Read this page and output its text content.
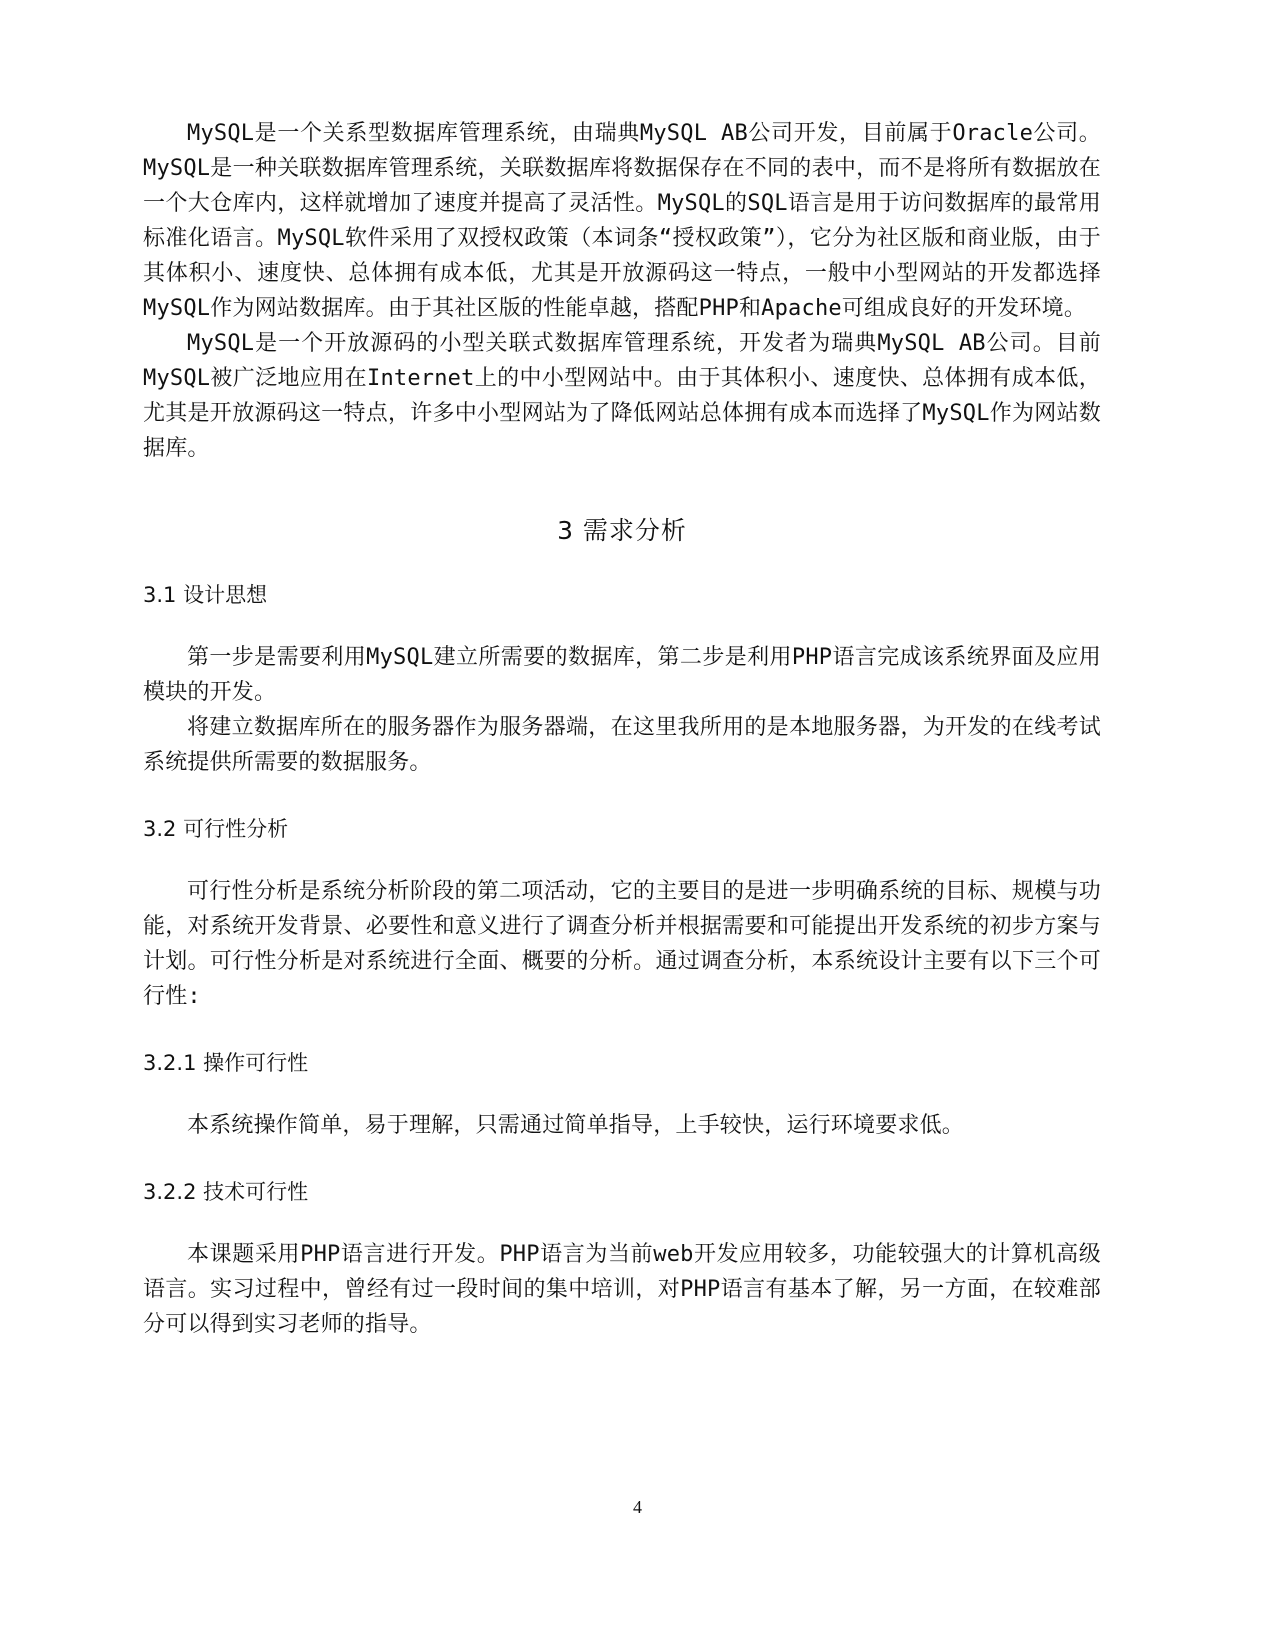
MySQL是一个关系型数据库管理系统，由瑞典MySQL AB公司开发，目前属于Oracle公司。MySQL是一种关联数据库管理系统，关联数据库将数据保存在不同的表中，而不是将所有数据放在一个大仓库内，这样就增加了速度并提高了灵活性。MySQL的SQL语言是用于访问数据库的最常用标准化语言。MySQL软件采用了双授权政策（本词条“授权政策”），它分为社区版和商业版，由于其体积小、速度快、总体拥有成本低，尤其是开放源码这一特点，一般中小型网站的开发都选择MySQL作为网站数据库。由于其社区版的性能卓越，搭配PHP和Apache可组成良好的开发环境。

MySQL是一个开放源码的小型关联式数据库管理系统，开发者为瑞典MySQL AB公司。目前MySQL被广泛地应用在Internet上的中小型网站中。由于其体积小、速度快、总体拥有成本低，尤其是开放源码这一特点，许多中小型网站为了降低网站总体拥有成本而选择了MySQL作为网站数据库。

3 需求分析
3.1 设计思想

第一步是需要利用MySQL建立所需要的数据库，第二步是利用PHP语言完成该系统界面及应用模块的开发。

将建立数据库所在的服务器作为服务器端，在这里我所用的是本地服务器，为开发的在线考试系统提供所需要的数据服务。

3.2 可行性分析

可行性分析是系统分析阶段的第二项活动，它的主要目的是进一步明确系统的目标、规模与功能，对系统开发背景、必要性和意义进行了调查分析并根据需要和可能提出开发系统的初步方案与计划。可行性分析是对系统进行全面、概要的分析。通过调查分析，本系统设计主要有以下三个可行性:

3.2.1 操作可行性

本系统操作简单，易于理解，只需通过简单指导，上手较快，运行环境要求低。

3.2.2 技术可行性

本课题采用PHP语言进行开发。PHP语言为当前web开发应用较多，功能较强大的计算机高级语言。实习过程中，曾经有过一段时间的集中培训，对PHP语言有基本了解，另一方面，在较难部分可以得到实习老师的指导。

4
